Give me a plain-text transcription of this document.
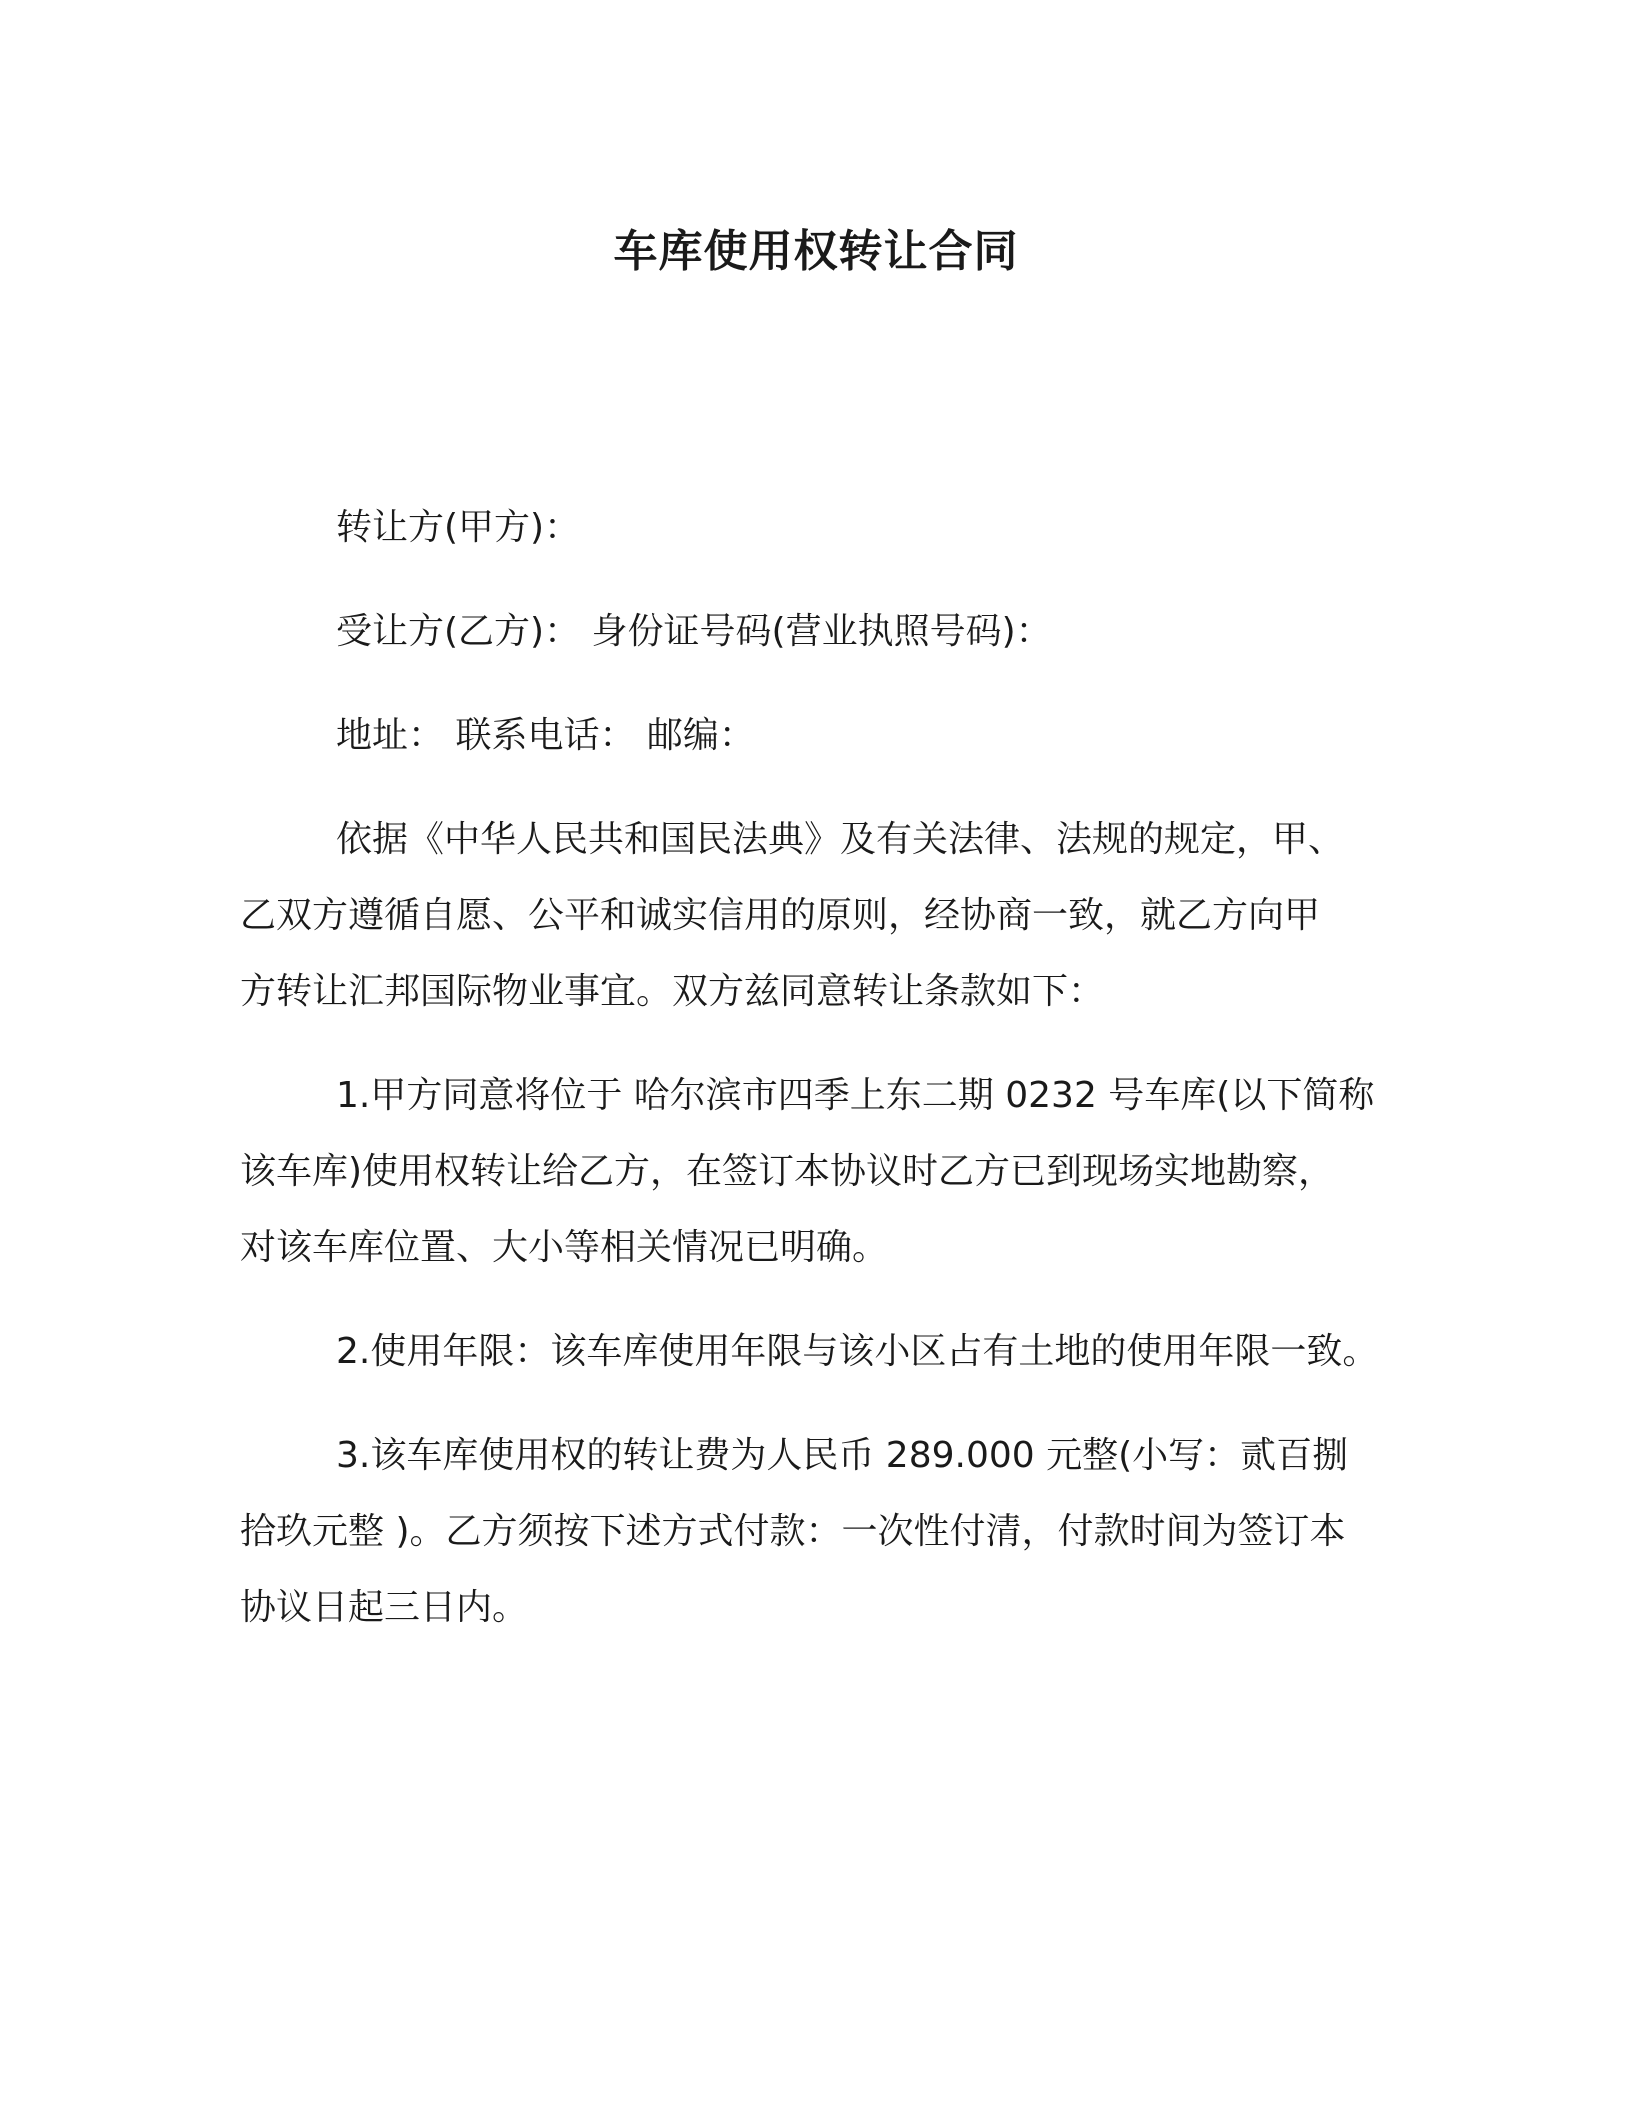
车库使用权转让合同
转让方(甲方)：
受让方(乙方)： 身份证号码(营业执照号码)：
地址： 联系电话： 邮编：
依据《中华人民共和国民法典》及有关法律、法规的规定，甲、
乙双方遵循自愿、公平和诚实信用的原则，经协商一致，就乙方向甲
方转让汇邦国际物业事宜。双方兹同意转让条款如下：
1.甲方同意将位于 哈尔滨市四季上东二期 0232 号车库(以下简称
该车库)使用权转让给乙方，在签订本协议时乙方已到现场实地勘察，
对该车库位置、大小等相关情况已明确。
2.使用年限：该车库使用年限与该小区占有土地的使用年限一致。
3.该车库使用权的转让费为人民币 289.000 元整(小写：贰百捌
拾玖元整 )。乙方须按下述方式付款：一次性付清，付款时间为签订本
协议日起三日内。
